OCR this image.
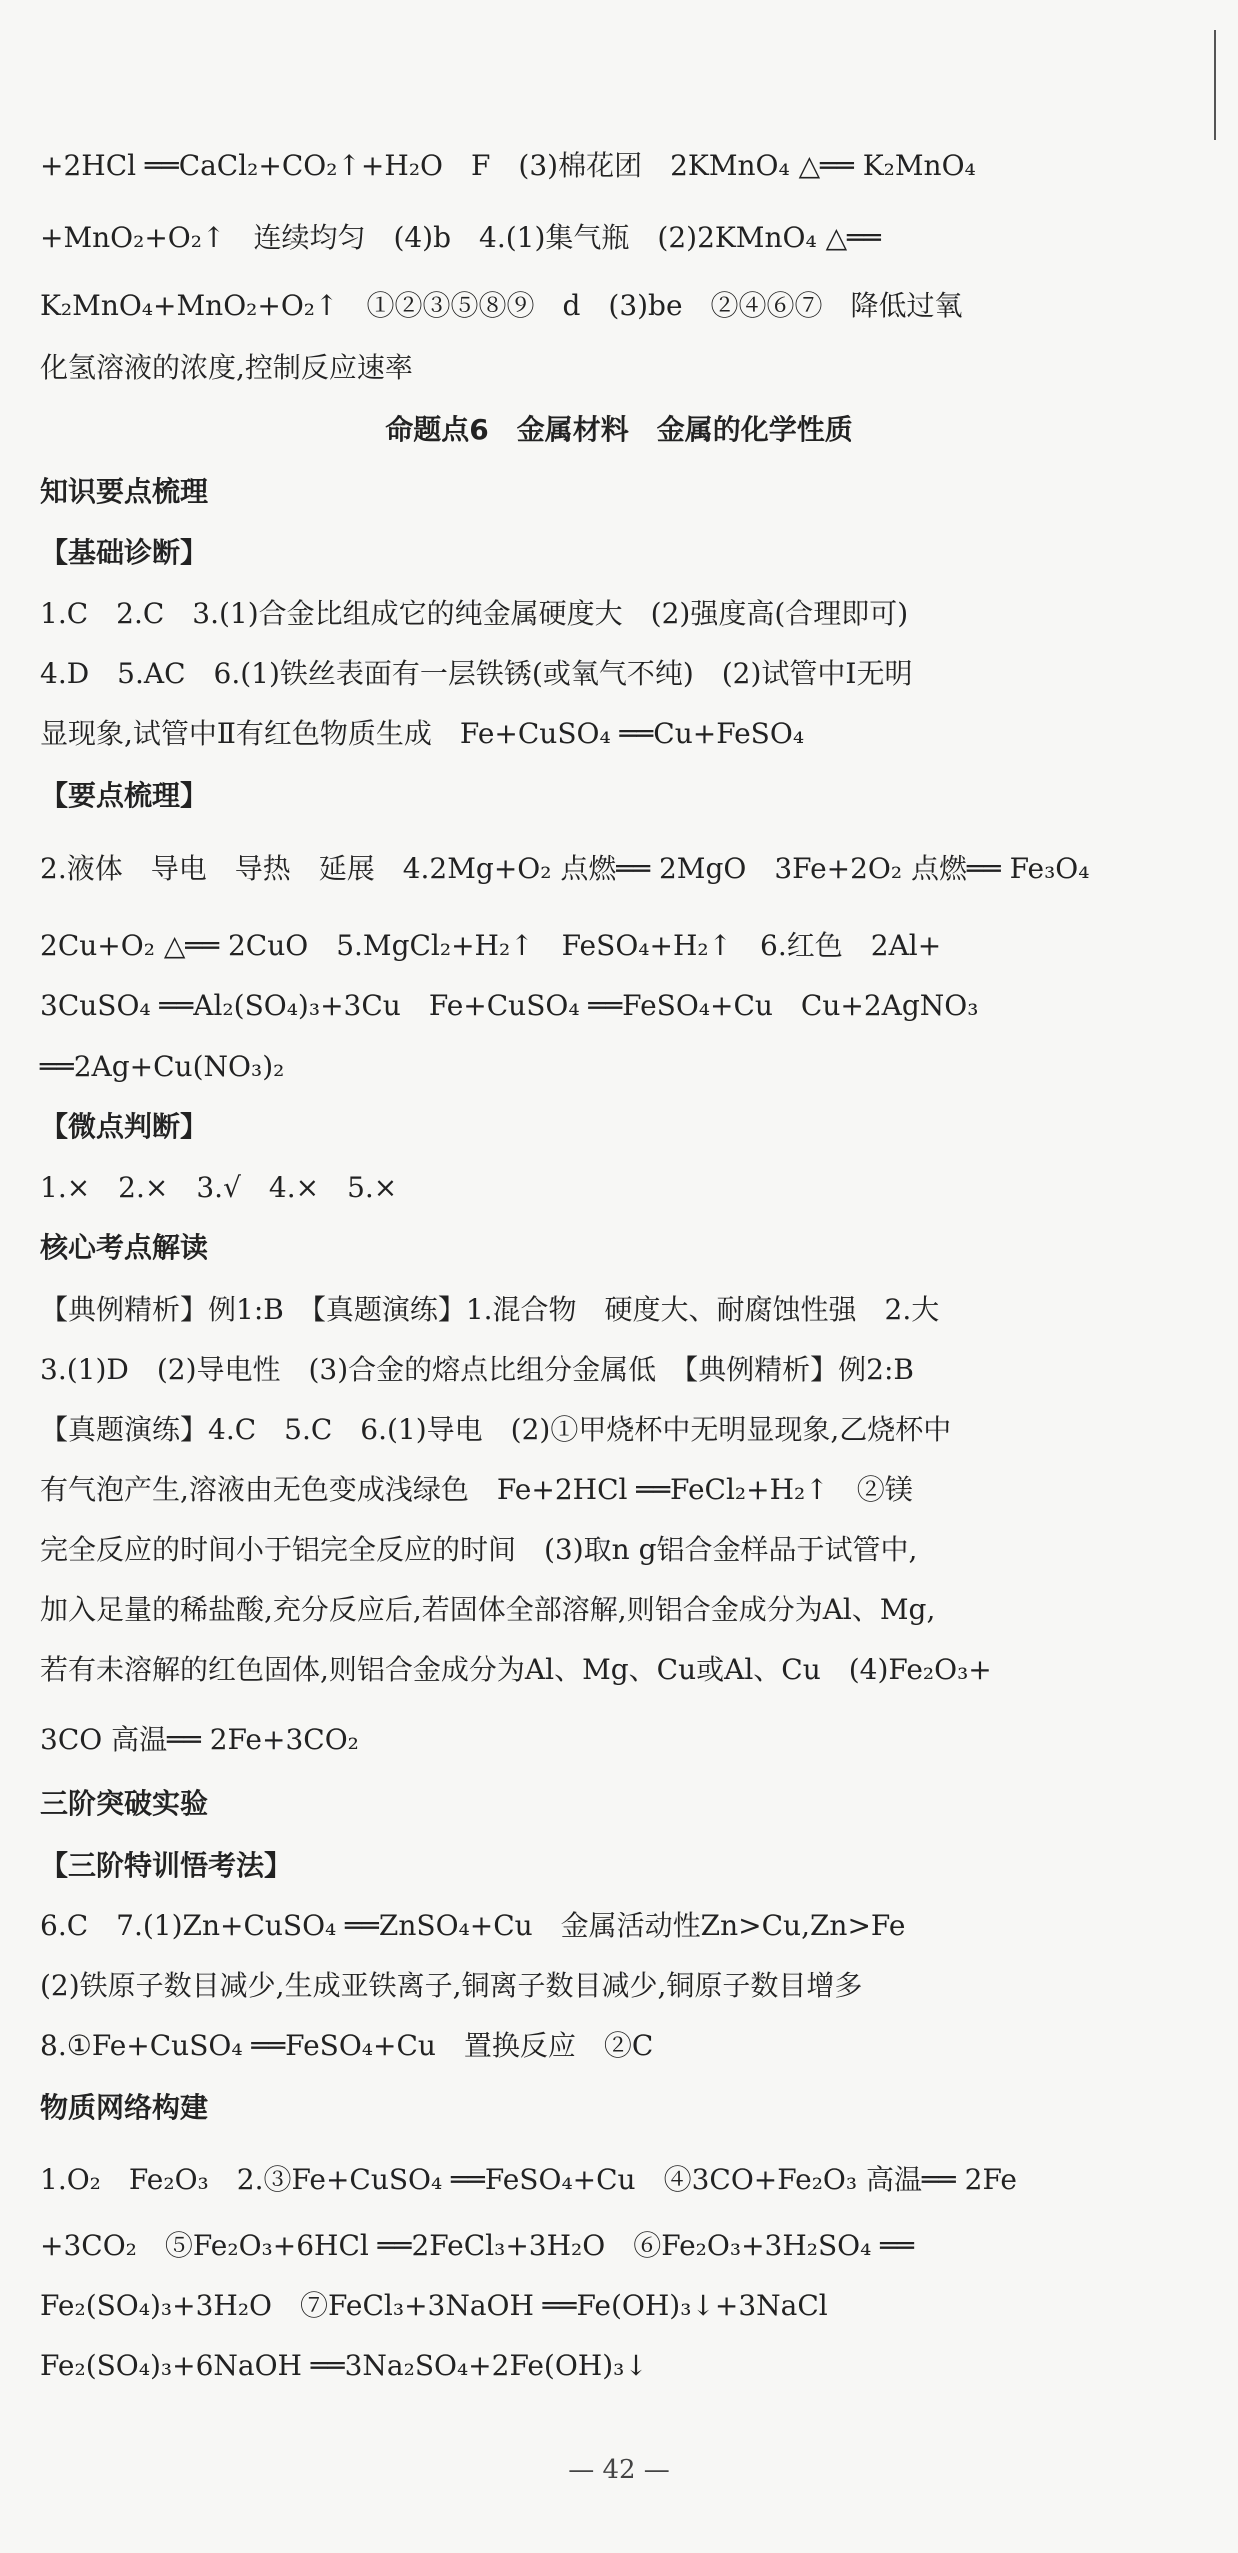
+2HCl ══CaCl₂+CO₂↑+H₂O　F　(3)棉花团　2KMnO₄ △══ K₂MnO₄
+MnO₂+O₂↑　连续均匀　(4)b　4.(1)集气瓶　(2)2KMnO₄ △══
K₂MnO₄+MnO₂+O₂↑　①②③⑤⑧⑨　d　(3)be　②④⑥⑦　降低过氧
化氢溶液的浓度,控制反应速率
命题点6　金属材料　金属的化学性质
知识要点梳理
【基础诊断】
1.C　2.C　3.(1)合金比组成它的纯金属硬度大　(2)强度高(合理即可)
4.D　5.AC　6.(1)铁丝表面有一层铁锈(或氧气不纯)　(2)试管中Ⅰ无明
显现象,试管中Ⅱ有红色物质生成　Fe+CuSO₄ ══Cu+FeSO₄
【要点梳理】
2.液体　导电　导热　延展　4.2Mg+O₂ 点燃══ 2MgO　3Fe+2O₂ 点燃══ Fe₃O₄
2Cu+O₂ △══ 2CuO　5.MgCl₂+H₂↑　FeSO₄+H₂↑　6.红色　2Al+
3CuSO₄ ══Al₂(SO₄)₃+3Cu　Fe+CuSO₄ ══FeSO₄+Cu　Cu+2AgNO₃
══2Ag+Cu(NO₃)₂
【微点判断】
1.×　2.×　3.√　4.×　5.×
核心考点解读
【典例精析】例1:B　【真题演练】1.混合物　硬度大、耐腐蚀性强　2.大
3.(1)D　(2)导电性　(3)合金的熔点比组分金属低　【典例精析】例2:B
【真题演练】4.C　5.C　6.(1)导电　(2)①甲烧杯中无明显现象,乙烧杯中
有气泡产生,溶液由无色变成浅绿色　Fe+2HCl ══FeCl₂+H₂↑　②镁
完全反应的时间小于铝完全反应的时间　(3)取n g铝合金样品于试管中,
加入足量的稀盐酸,充分反应后,若固体全部溶解,则铝合金成分为Al、Mg,
若有未溶解的红色固体,则铝合金成分为Al、Mg、Cu或Al、Cu　(4)Fe₂O₃+
3CO 高温══ 2Fe+3CO₂
三阶突破实验
【三阶特训悟考法】
6.C　7.(1)Zn+CuSO₄ ══ZnSO₄+Cu　金属活动性Zn>Cu,Zn>Fe
(2)铁原子数目减少,生成亚铁离子,铜离子数目减少,铜原子数目增多
8.①Fe+CuSO₄ ══FeSO₄+Cu　置换反应　②C
物质网络构建
1.O₂　Fe₂O₃　2.③Fe+CuSO₄ ══FeSO₄+Cu　④3CO+Fe₂O₃ 高温══ 2Fe
+3CO₂　⑤Fe₂O₃+6HCl ══2FeCl₃+3H₂O　⑥Fe₂O₃+3H₂SO₄ ══
Fe₂(SO₄)₃+3H₂O　⑦FeCl₃+3NaOH ══Fe(OH)₃↓+3NaCl
Fe₂(SO₄)₃+6NaOH ══3Na₂SO₄+2Fe(OH)₃↓
— 42 —
